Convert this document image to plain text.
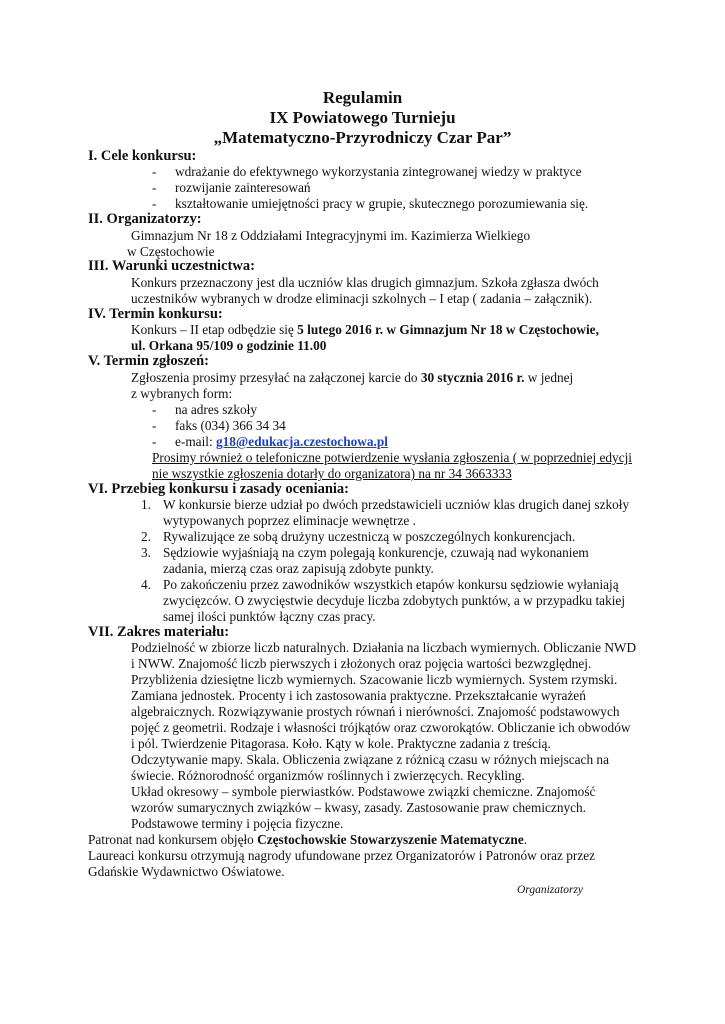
Regulamin
IX Powiatowego Turnieju
„Matematyczno-Przyrodniczy Czar Par”
I. Cele konkursu:
- wdrażanie do efektywnego wykorzystania zintegrowanej wiedzy w praktyce
- rozwijanie zainteresowań
- kształtowanie umiejętności pracy w grupie, skutecznego porozumiewania się.
II. Organizatorzy:
Gimnazjum Nr 18 z Oddziałami Integracyjnymi im. Kazimierza Wielkiego
w Częstochowie
III. Warunki uczestnictwa:
Konkurs przeznaczony jest dla uczniów klas drugich gimnazjum. Szkoła zgłasza dwóch
uczestników wybranych w drodze eliminacji szkolnych – I etap ( zadania – załącznik).
IV. Termin konkursu:
Konkurs – II etap odbędzie się 5 lutego 2016 r. w Gimnazjum Nr 18 w Częstochowie,
ul. Orkana 95/109 o godzinie 11.00
V. Termin zgłoszeń:
Zgłoszenia prosimy przesyłać na załączonej karcie do 30 stycznia 2016 r. w jednej
z wybranych form:
- na adres szkoły
- faks (034) 366 34 34
- e-mail: g18@edukacja.czestochowa.pl
Prosimy również o telefoniczne potwierdzenie wysłania zgłoszenia ( w poprzedniej edycji
nie wszystkie zgłoszenia dotarły do organizatora) na nr 34 3663333
VI. Przebieg konkursu i zasady oceniania:
1. W konkursie bierze udział po dwóch przedstawicieli uczniów klas drugich danej szkoły
wytypowanych poprzez eliminacje wewnętrze .
2. Rywalizujące ze sobą drużyny uczestniczą w poszczególnych konkurencjach.
3. Sędziowie wyjaśniają na czym polegają konkurencje, czuwają nad wykonaniem
zadania, mierzą czas oraz zapisują zdobyte punkty.
4. Po zakończeniu przez zawodników wszystkich etapów konkursu sędziowie wyłaniają
zwycięzców. O zwycięstwie decyduje liczba zdobytych punktów, a w przypadku takiej
samej ilości punktów łączny czas pracy.
VII. Zakres materiału:
Podzielność w zbiorze liczb naturalnych. Działania na liczbach wymiernych. Obliczanie NWD
i NWW. Znajomość liczb pierwszych i złożonych oraz pojęcia wartości bezwzględnej.
Przybliżenia dziesiętne liczb wymiernych. Szacowanie liczb wymiernych. System rzymski.
Zamiana jednostek. Procenty i ich zastosowania praktyczne. Przekształcanie wyrażeń
algebraicznych. Rozwiązywanie prostych równań i nierówności. Znajomość podstawowych
pojęć z geometrii. Rodzaje i własności trójkątów oraz czworokątów. Obliczanie ich obwodów
i pól. Twierdzenie Pitagorasa. Koło. Kąty w kole. Praktyczne zadania z treścią.
Odczytywanie mapy. Skala. Obliczenia związane z różnicą czasu w różnych miejscach na
świecie. Różnorodność organizmów roślinnych i zwierzęcych. Recykling.
Układ okresowy – symbole pierwiastków. Podstawowe związki chemiczne. Znajomość
wzorów sumarycznych związków – kwasy, zasady. Zastosowanie praw chemicznych.
Podstawowe terminy i pojęcia fizyczne.
Patronat nad konkursem objęło Częstochowskie Stowarzyszenie Matematyczne.
Laureaci konkursu otrzymują nagrody ufundowane przez Organizatorów i Patronów oraz przez
Gdańskie Wydawnictwo Oświatowe.
Organizatorzy
